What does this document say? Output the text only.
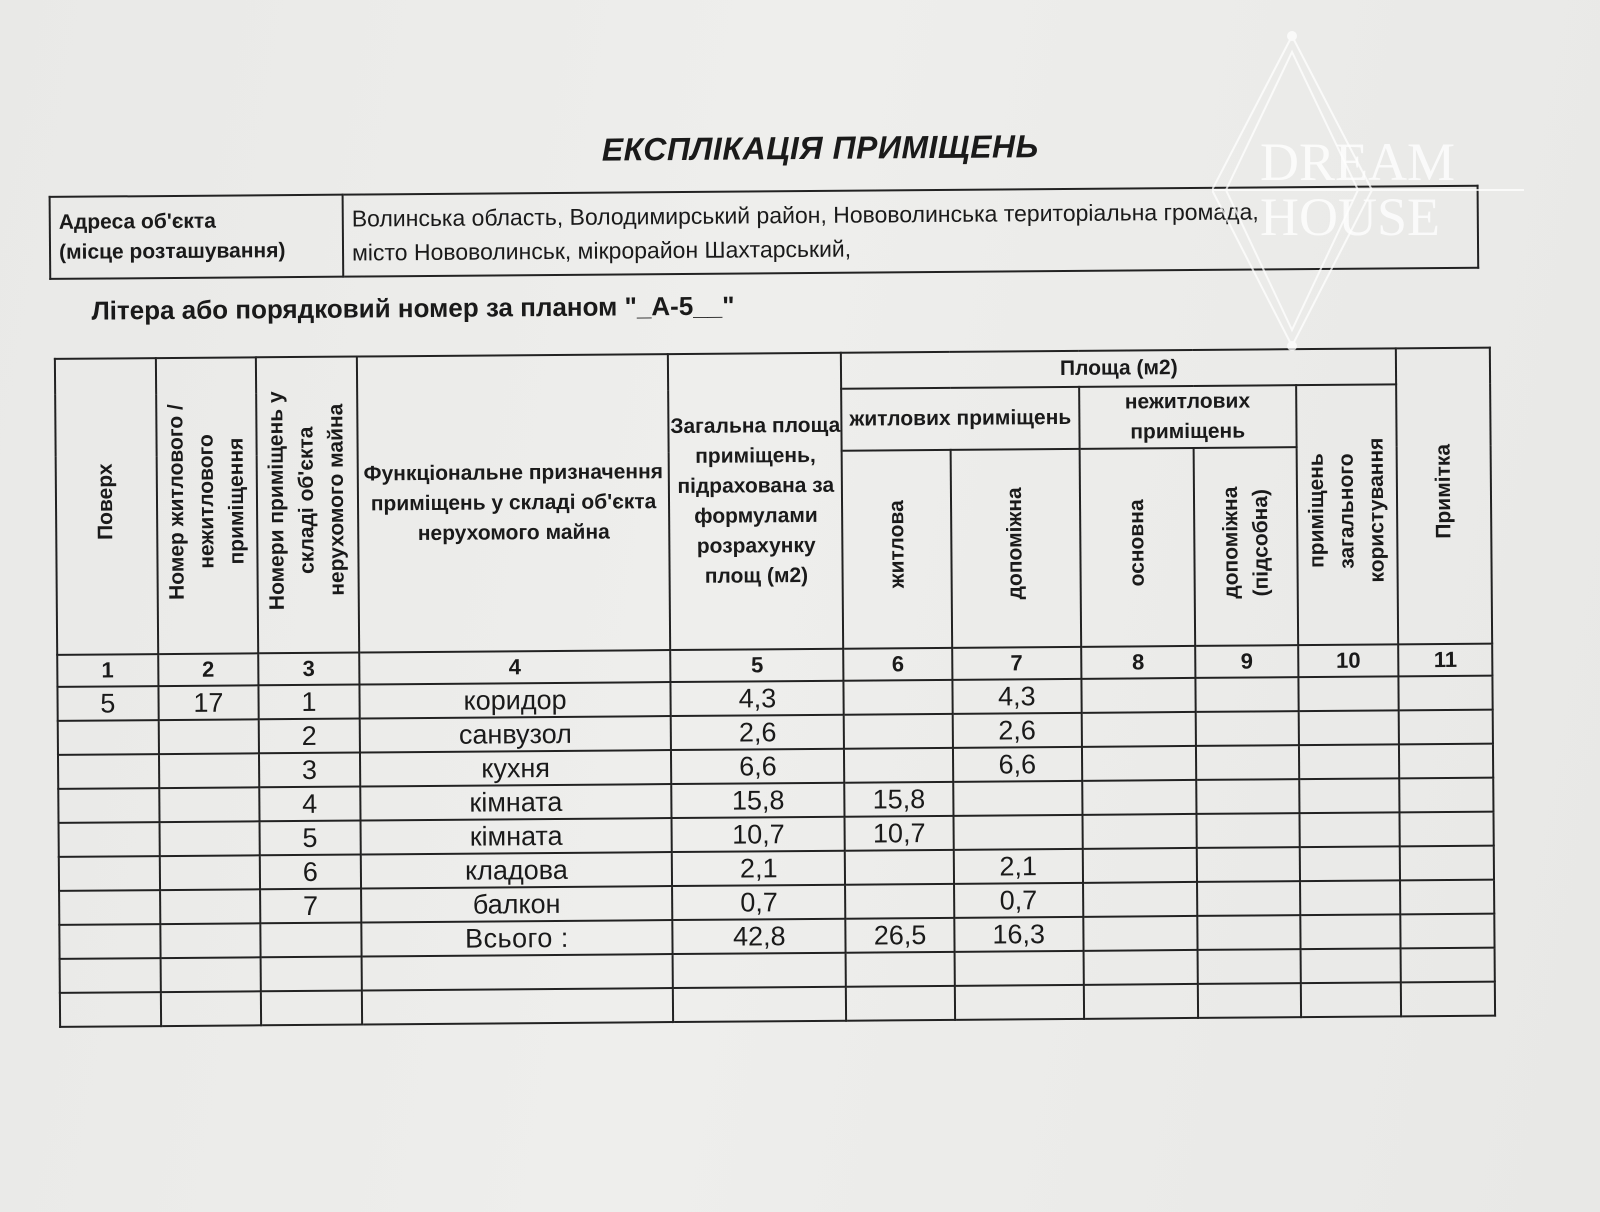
ЕКСПЛІКАЦІЯ ПРИМІЩЕНЬ
Адреса об'єкта
(місце розташування)

Волинська область, Володимирський район, Нововолинська територіальна громада,
місто Нововолинськ, мікрорайон Шахтарський,
Літера або порядковий номер за планом "_А-5__"
Поверх	Номер житлового / нежитлового приміщення	Номери приміщень у складі об'єкта нерухомого майна	Функціональне призначення приміщень у складі об'єкта нерухомого майна	Загальна площа приміщень, підрахована за формулами розрахунку площ (м2)	Площа (м2)					Примітка
					житлових приміщень		нежитлових приміщень		приміщень загального користування	
					житлова	допоміжна	основна	допоміжна (підсобна)		
1	2	3	4	5	6	7	8	9	10	11
5	17	1	коридор	4,3		4,3				
		2	санвузол	2,6		2,6				
		3	кухня	6,6		6,6				
		4	кімната	15,8	15,8					
		5	кімната	10,7	10,7					
		6	кладова	2,1		2,1				
		7	балкон	0,7		0,7				
			Всього :	42,8	26,5	16,3				

DREAM
HOUSE
